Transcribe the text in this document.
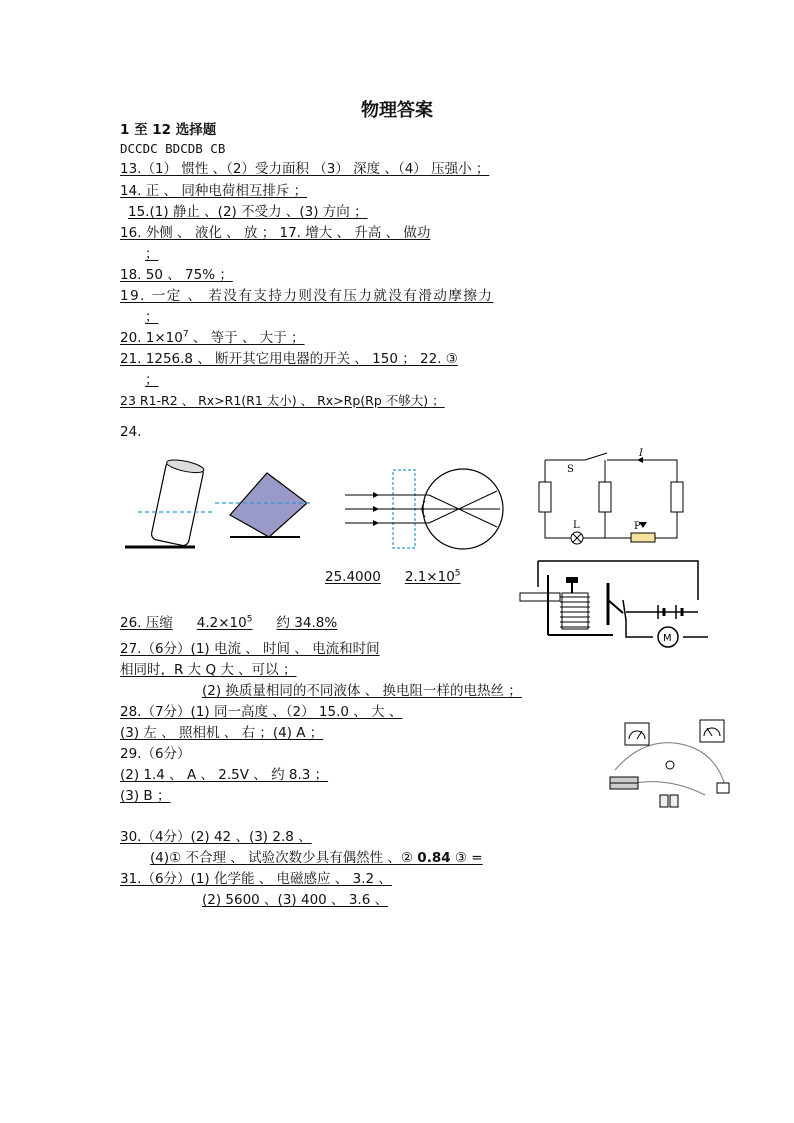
物理答案
1 至 12 选择题
DCCDC BDCDB CB
13.（1） 惯性 、（2）受力面积 （3） 深度 、（4） 压强小 ；
14. 正 、 同种电荷相互排斥 ；
15.(1) 静止 、(2) 不受力 、(3) 方向 ；
16. 外侧 、 液化 、 放 ； 17. 增大 、 升高 、 做功
；
18. 50 、 75% ；
19. 一定 、 若没有支持力则没有压力就没有滑动摩擦力
；
20. $1\times 10^7$ 、 等于 、 大于 ；
21. 1256.8 、 断开其它用电器的开关 、 150 ； 22. ③
；
23 R1-R2 、 Rx>R1(R1 太小) 、 Rx>Rp(Rp 不够大) ；
24.
S
I
L	P
25.4000 $2.1\times 10^5$
M
26. 压缩 $4.2\times 10^5$ 约 34.8%
27.（6分）(1) 电流 、 时间 、 电流和时间
相同时，R 大 Q 大 、可以 ；
(2) 换质量相同的不同液体 、 换电阻一样的电热丝 ；
28.（7分）(1) 同一高度 、（2） 15.0 、 大 、
(3) 左 、 照相机 、 右 ；(4) A ；
29.（6分）
(2) 1.4 、 A 、 2.5V 、 约 8.3 ；
(3) B ；
30.（4分）(2) 42 、(3) 2.8 、
(4)① 不合理 、 试验次数少具有偶然性 、② 0.84 ③ =
31.（6分）(1) 化学能 、 电磁感应 、 3.2 、
(2) 5600 、(3) 400 、 3.6 、
